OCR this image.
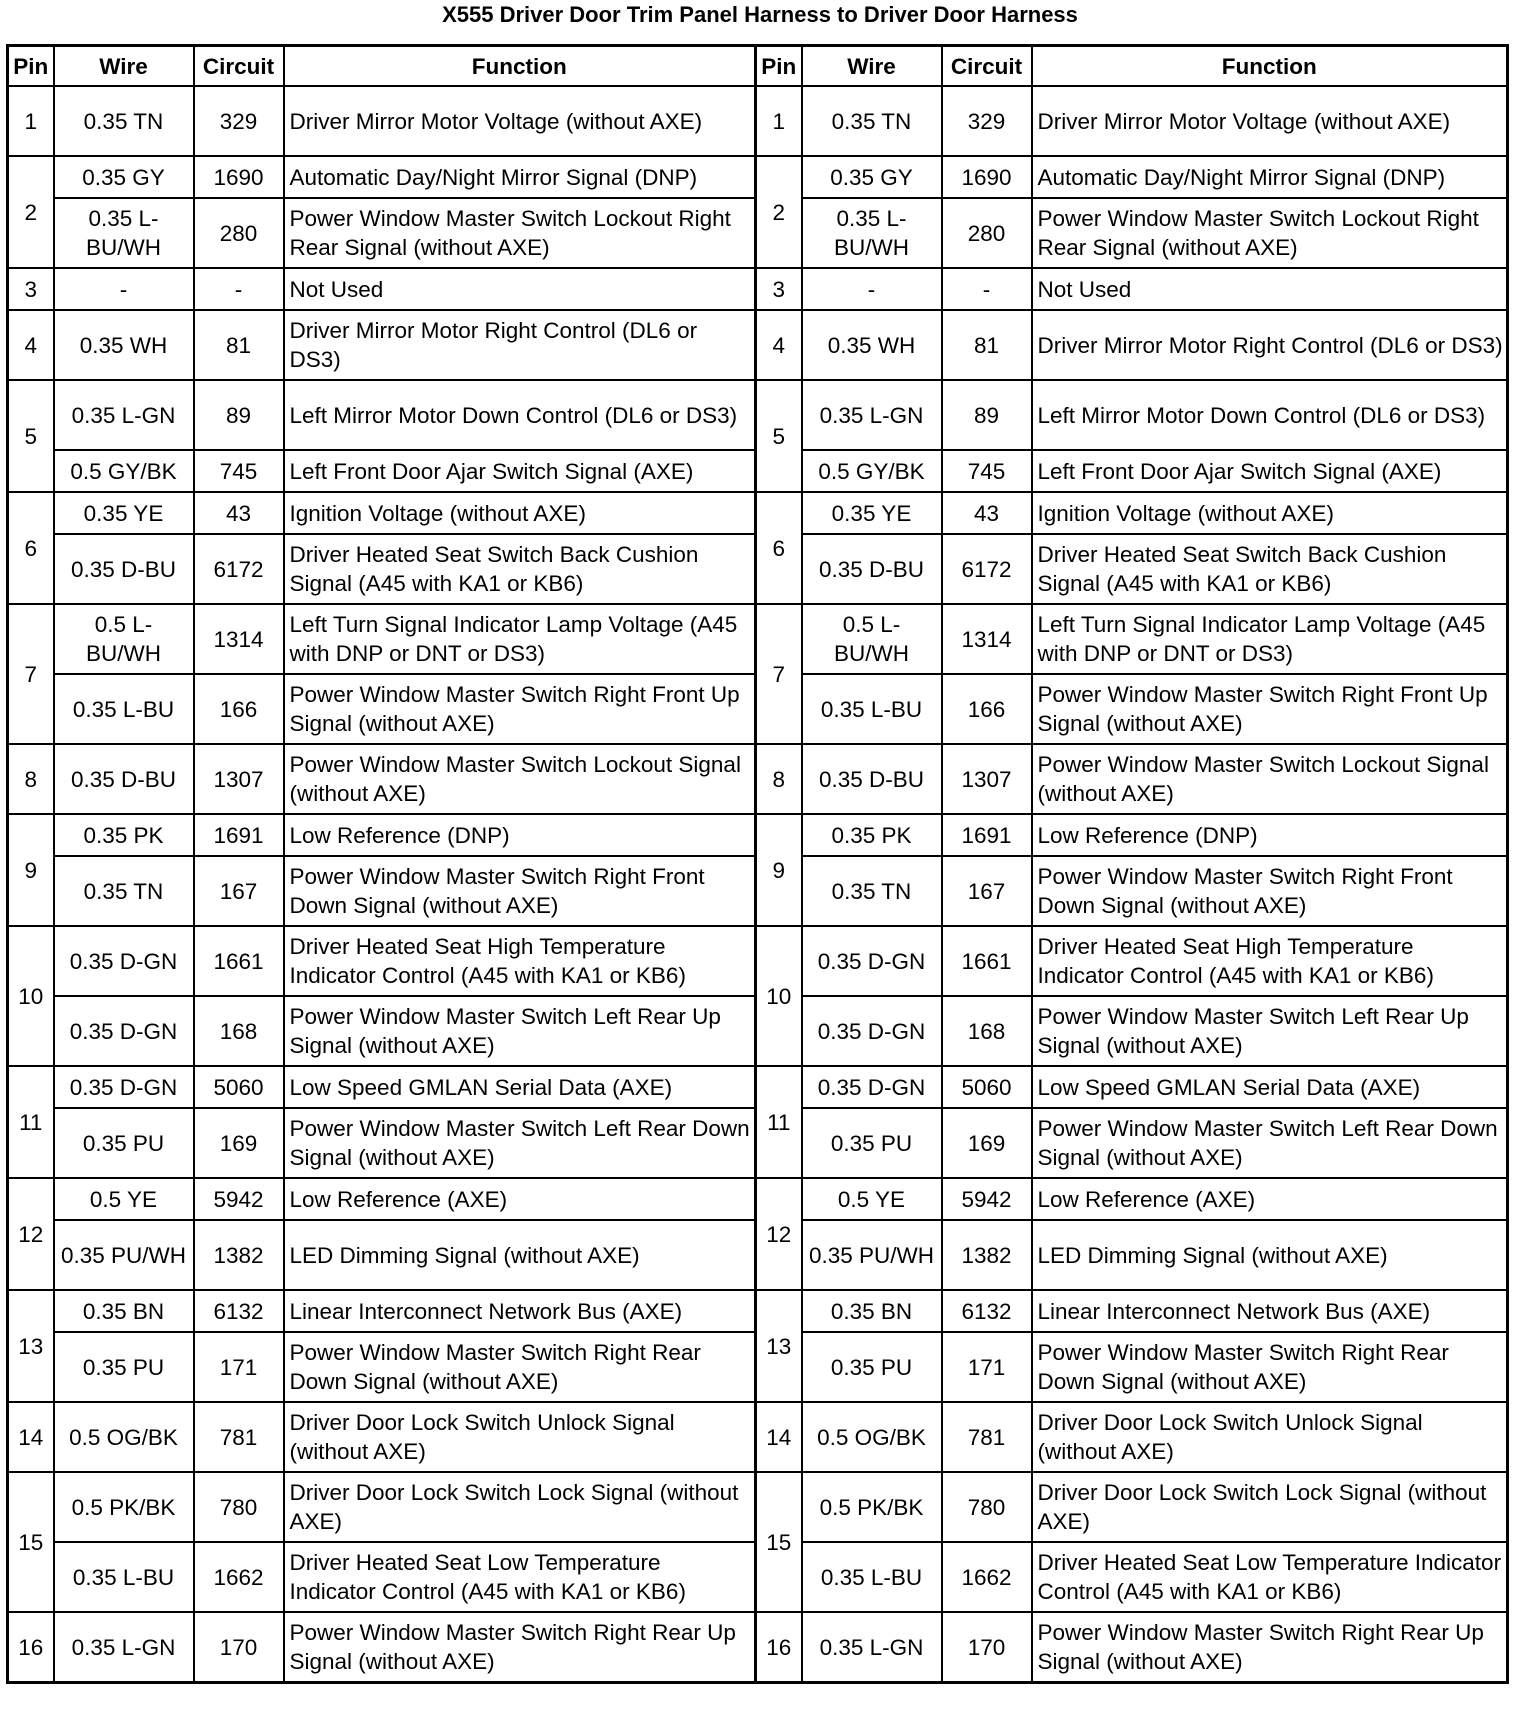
X555 Driver Door Trim Panel Harness to Driver Door Harness
Pin	Wire	Circuit	Function	Pin	Wire	Circuit	Function
1	0.35 TN	329	Driver Mirror Motor Voltage (without AXE)	1	0.35 TN	329	Driver Mirror Motor Voltage (without AXE)
2	0.35 GY	1690	Automatic Day/Night Mirror Signal (DNP)	2	0.35 GY	1690	Automatic Day/Night Mirror Signal (DNP)
	0.35 L-BU/WH	280	Power Window Master Switch Lockout Right Rear Signal (without AXE)		0.35 L-BU/WH	280	Power Window Master Switch Lockout Right Rear Signal (without AXE)
3	-	-	Not Used	3	-	-	Not Used
4	0.35 WH	81	Driver Mirror Motor Right Control (DL6 or DS3)	4	0.35 WH	81	Driver Mirror Motor Right Control (DL6 or DS3)
5	0.35 L-GN	89	Left Mirror Motor Down Control (DL6 or DS3)	5	0.35 L-GN	89	Left Mirror Motor Down Control (DL6 or DS3)
	0.5 GY/BK	745	Left Front Door Ajar Switch Signal (AXE)		0.5 GY/BK	745	Left Front Door Ajar Switch Signal (AXE)
6	0.35 YE	43	Ignition Voltage (without AXE)	6	0.35 YE	43	Ignition Voltage (without AXE)
	0.35 D-BU	6172	Driver Heated Seat Switch Back Cushion Signal (A45 with KA1 or KB6)		0.35 D-BU	6172	Driver Heated Seat Switch Back Cushion Signal (A45 with KA1 or KB6)
7	0.5 L-BU/WH	1314	Left Turn Signal Indicator Lamp Voltage (A45 with DNP or DNT or DS3)	7	0.5 L-BU/WH	1314	Left Turn Signal Indicator Lamp Voltage (A45 with DNP or DNT or DS3)
	0.35 L-BU	166	Power Window Master Switch Right Front Up Signal (without AXE)		0.35 L-BU	166	Power Window Master Switch Right Front Up Signal (without AXE)
8	0.35 D-BU	1307	Power Window Master Switch Lockout Signal (without AXE)	8	0.35 D-BU	1307	Power Window Master Switch Lockout Signal (without AXE)
9	0.35 PK	1691	Low Reference (DNP)	9	0.35 PK	1691	Low Reference (DNP)
	0.35 TN	167	Power Window Master Switch Right Front Down Signal (without AXE)		0.35 TN	167	Power Window Master Switch Right Front Down Signal (without AXE)
10	0.35 D-GN	1661	Driver Heated Seat High Temperature Indicator Control (A45 with KA1 or KB6)	10	0.35 D-GN	1661	Driver Heated Seat High Temperature Indicator Control (A45 with KA1 or KB6)
	0.35 D-GN	168	Power Window Master Switch Left Rear Up Signal (without AXE)		0.35 D-GN	168	Power Window Master Switch Left Rear Up Signal (without AXE)
11	0.35 D-GN	5060	Low Speed GMLAN Serial Data (AXE)	11	0.35 D-GN	5060	Low Speed GMLAN Serial Data (AXE)
	0.35 PU	169	Power Window Master Switch Left Rear Down Signal (without AXE)		0.35 PU	169	Power Window Master Switch Left Rear Down Signal (without AXE)
12	0.5 YE	5942	Low Reference (AXE)	12	0.5 YE	5942	Low Reference (AXE)
	0.35 PU/WH	1382	LED Dimming Signal (without AXE)		0.35 PU/WH	1382	LED Dimming Signal (without AXE)
13	0.35 BN	6132	Linear Interconnect Network Bus (AXE)	13	0.35 BN	6132	Linear Interconnect Network Bus (AXE)
	0.35 PU	171	Power Window Master Switch Right Rear Down Signal (without AXE)		0.35 PU	171	Power Window Master Switch Right Rear Down Signal (without AXE)
14	0.5 OG/BK	781	Driver Door Lock Switch Unlock Signal (without AXE)	14	0.5 OG/BK	781	Driver Door Lock Switch Unlock Signal (without AXE)
15	0.5 PK/BK	780	Driver Door Lock Switch Lock Signal (without AXE)	15	0.5 PK/BK	780	Driver Door Lock Switch Lock Signal (without AXE)
	0.35 L-BU	1662	Driver Heated Seat Low Temperature Indicator Control (A45 with KA1 or KB6)		0.35 L-BU	1662	Driver Heated Seat Low Temperature Indicator Control (A45 with KA1 or KB6)
16	0.35 L-GN	170	Power Window Master Switch Right Rear Up Signal (without AXE)	16	0.35 L-GN	170	Power Window Master Switch Right Rear Up Signal (without AXE)
